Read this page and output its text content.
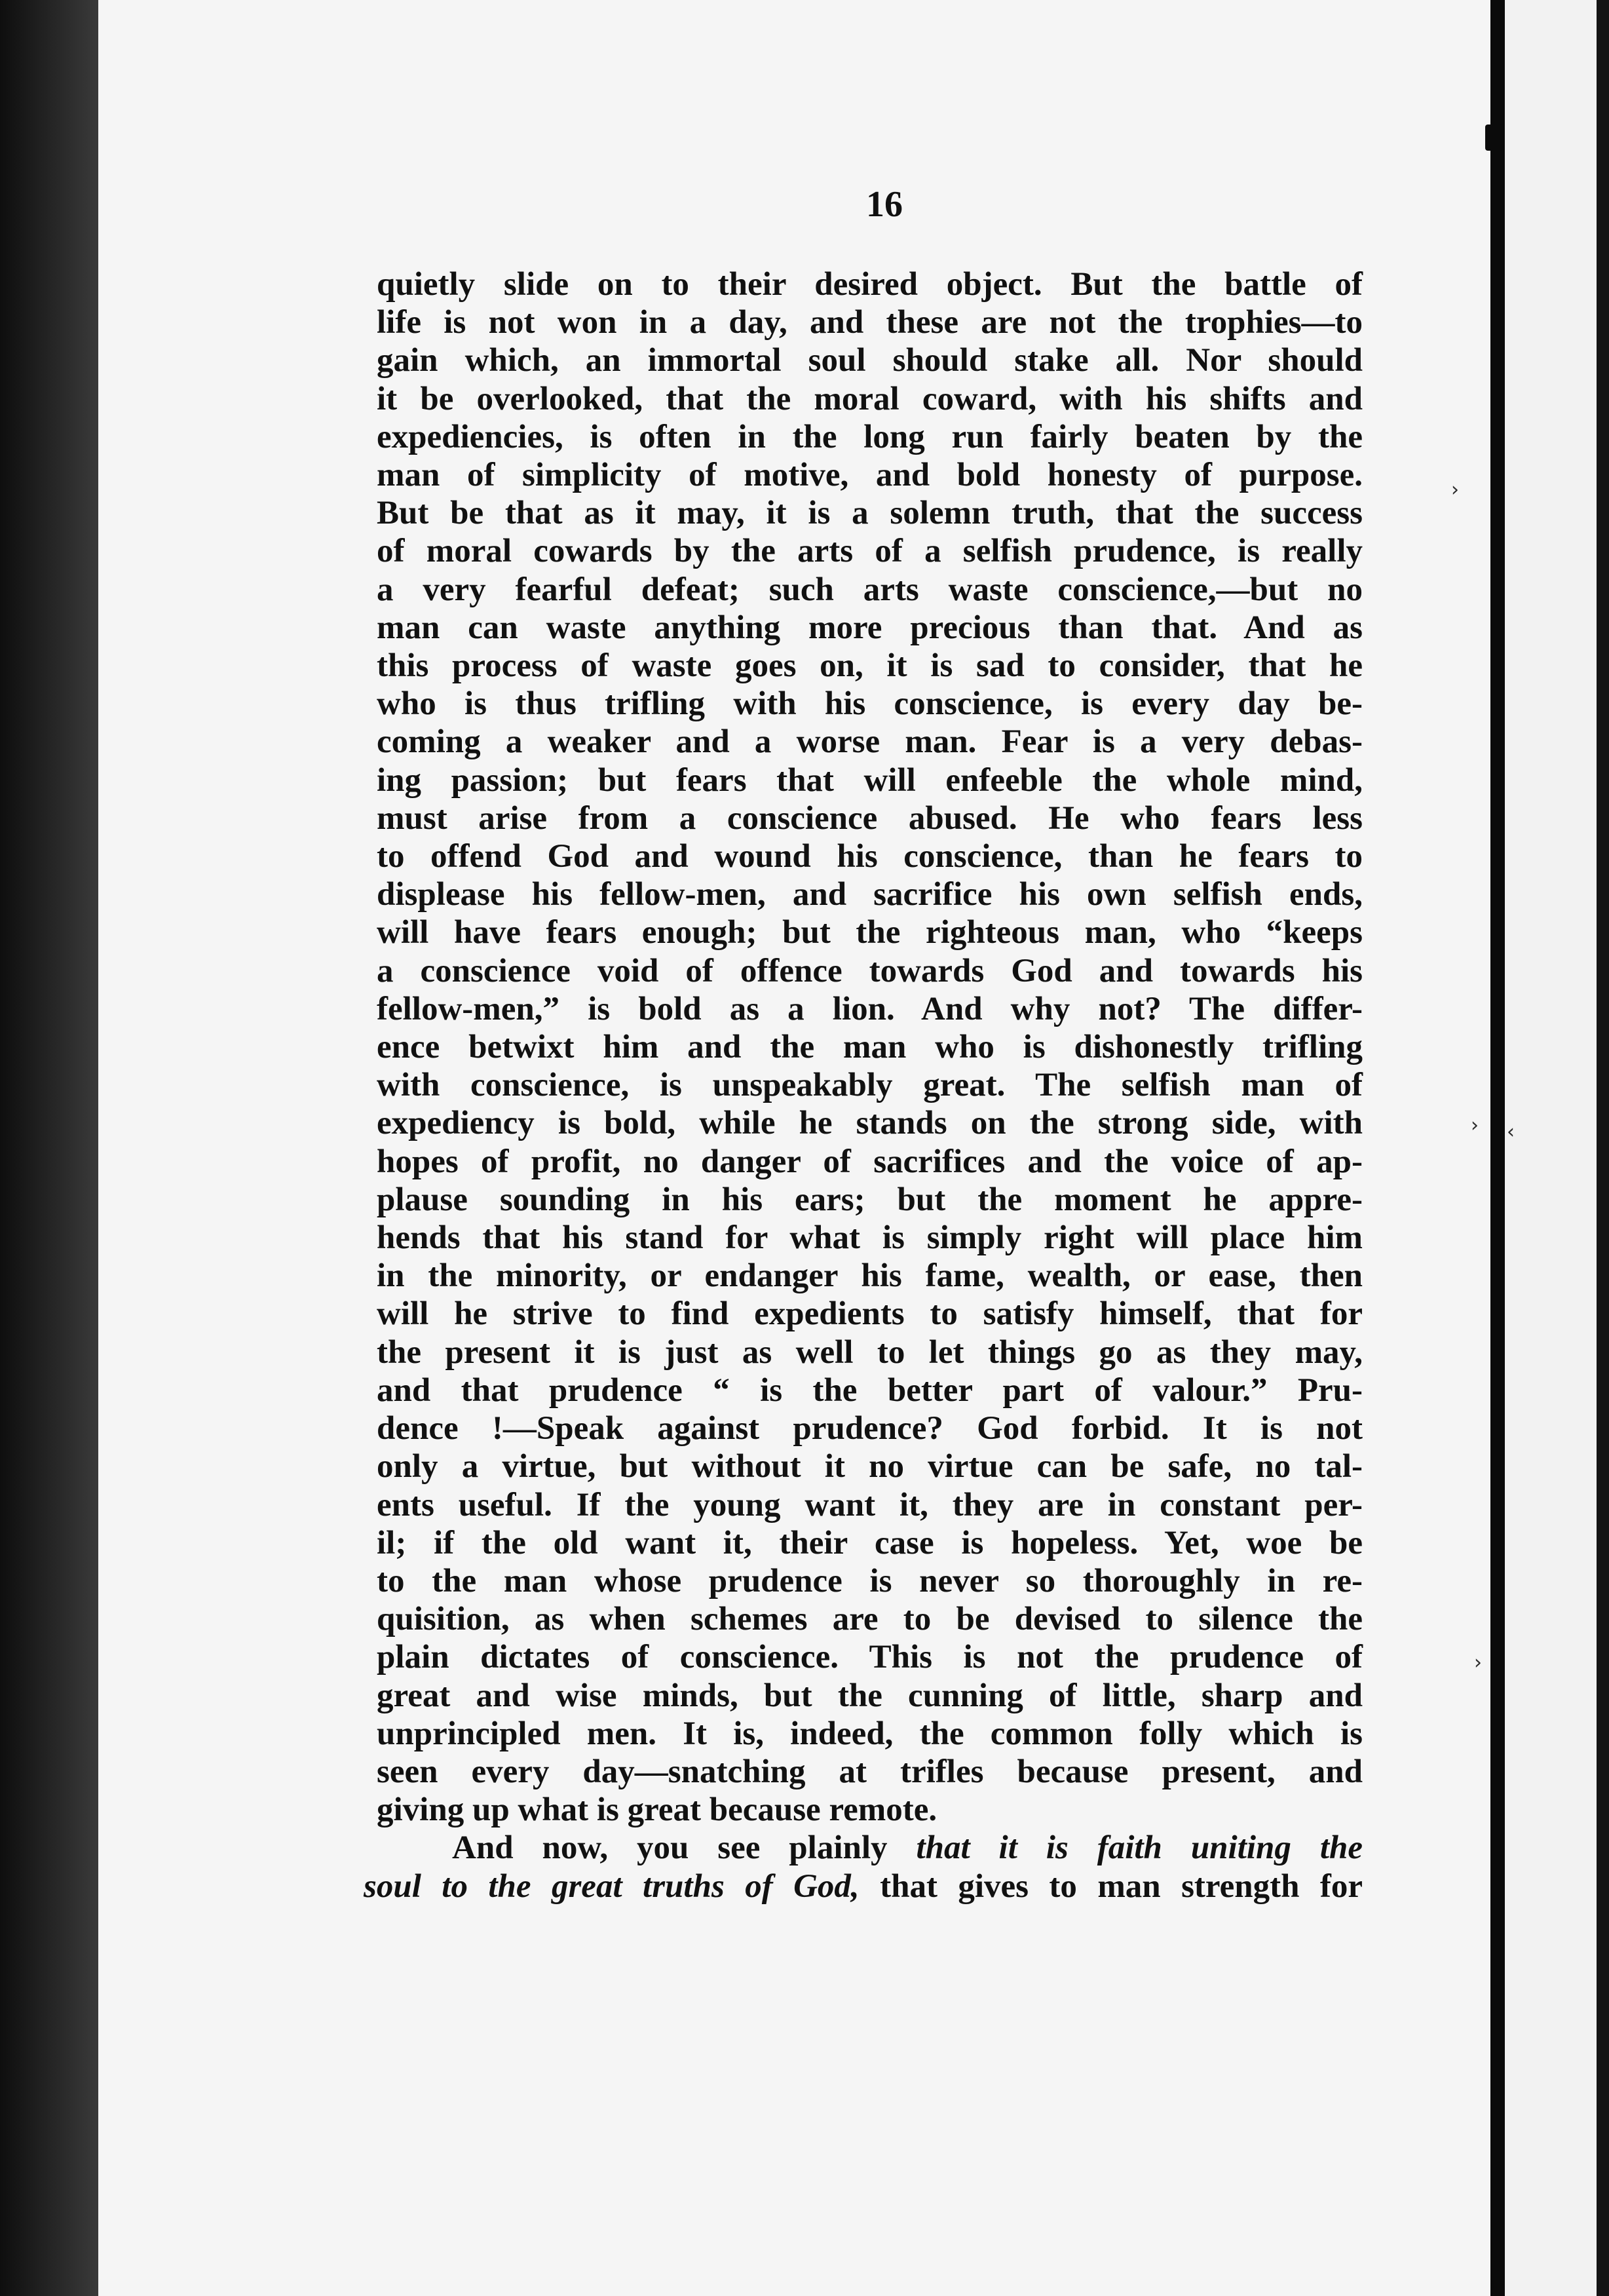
16
quietly slide on to their desired object. But the battle of
life is not won in a day, and these are not the trophies—to
gain which, an immortal soul should stake all. Nor should
it be overlooked, that the moral coward, with his shifts and
expediencies, is often in the long run fairly beaten by the
man of simplicity of motive, and bold honesty of purpose.
But be that as it may, it is a solemn truth, that the success
of moral cowards by the arts of a selfish prudence, is really
a very fearful defeat; such arts waste conscience,—but no
man can waste anything more precious than that. And as
this process of waste goes on, it is sad to consider, that he
who is thus trifling with his conscience, is every day be-
coming a weaker and a worse man. Fear is a very debas-
ing passion; but fears that will enfeeble the whole mind,
must arise from a conscience abused. He who fears less
to offend God and wound his conscience, than he fears to
displease his fellow-men, and sacrifice his own selfish ends,
will have fears enough; but the righteous man, who “keeps
a conscience void of offence towards God and towards his
fellow-men,” is bold as a lion. And why not? The differ-
ence betwixt him and the man who is dishonestly trifling
with conscience, is unspeakably great. The selfish man of
expediency is bold, while he stands on the strong side, with
hopes of profit, no danger of sacrifices and the voice of ap-
plause sounding in his ears; but the moment he appre-
hends that his stand for what is simply right will place him
in the minority, or endanger his fame, wealth, or ease, then
will he strive to find expedients to satisfy himself, that for
the present it is just as well to let things go as they may,
and that prudence “ is the better part of valour.” Pru-
dence !—Speak against prudence? God forbid. It is not
only a virtue, but without it no virtue can be safe, no tal-
ents useful. If the young want it, they are in constant per-
il; if the old want it, their case is hopeless. Yet, woe be
to the man whose prudence is never so thoroughly in re-
quisition, as when schemes are to be devised to silence the
plain dictates of conscience. This is not the prudence of
great and wise minds, but the cunning of little, sharp and
unprincipled men. It is, indeed, the common folly which is
seen every day—snatching at trifles because present, and
giving up what is great because remote.
And now, you see plainly that it is faith uniting the
soul to the great truths of God, that gives to man strength for
›
› ‹
›
